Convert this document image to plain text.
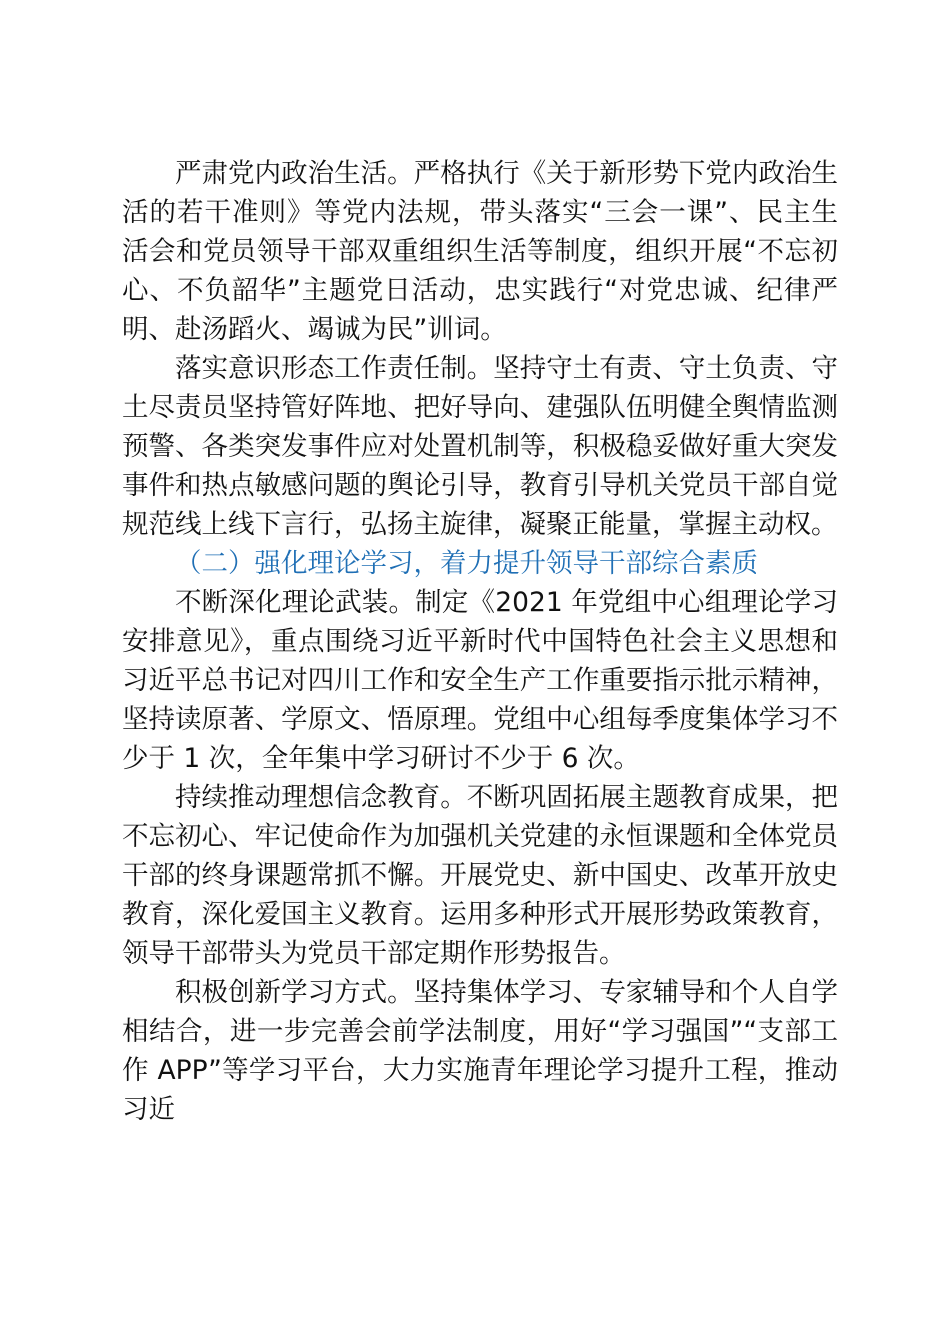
严肃党内政治生活。严格执行《关于新形势下党内政治生活的若干准则》等党内法规，带头落实“三会一课”、民主生活会和党员领导干部双重组织生活等制度，组织开展“不忘初心、不负韶华”主题党日活动，忠实践行“对党忠诚、纪律严明、赴汤蹈火、竭诚为民”训词。

落实意识形态工作责任制。坚持守土有责、守土负责、守土尽责员坚持管好阵地、把好导向、建强队伍明健全舆情监测预警、各类突发事件应对处置机制等，积极稳妥做好重大突发事件和热点敏感问题的舆论引导，教育引导机关党员干部自觉规范线上线下言行，弘扬主旋律，凝聚正能量，掌握主动权。

（二）强化理论学习，着力提升领导干部综合素质

不断深化理论武装。制定《2021 年党组中心组理论学习安排意见》，重点围绕习近平新时代中国特色社会主义思想和习近平总书记对四川工作和安全生产工作重要指示批示精神，坚持读原著、学原文、悟原理。党组中心组每季度集体学习不少于 1 次，全年集中学习研讨不少于 6 次。

持续推动理想信念教育。不断巩固拓展主题教育成果，把不忘初心、牢记使命作为加强机关党建的永恒课题和全体党员干部的终身课题常抓不懈。开展党史、新中国史、改革开放史教育，深化爱国主义教育。运用多种形式开展形势政策教育，领导干部带头为党员干部定期作形势报告。

积极创新学习方式。坚持集体学习、专家辅导和个人自学相结合，进一步完善会前学法制度，用好“学习强国”“支部工作 APP”等学习平台，大力实施青年理论学习提升工程，推动习近
